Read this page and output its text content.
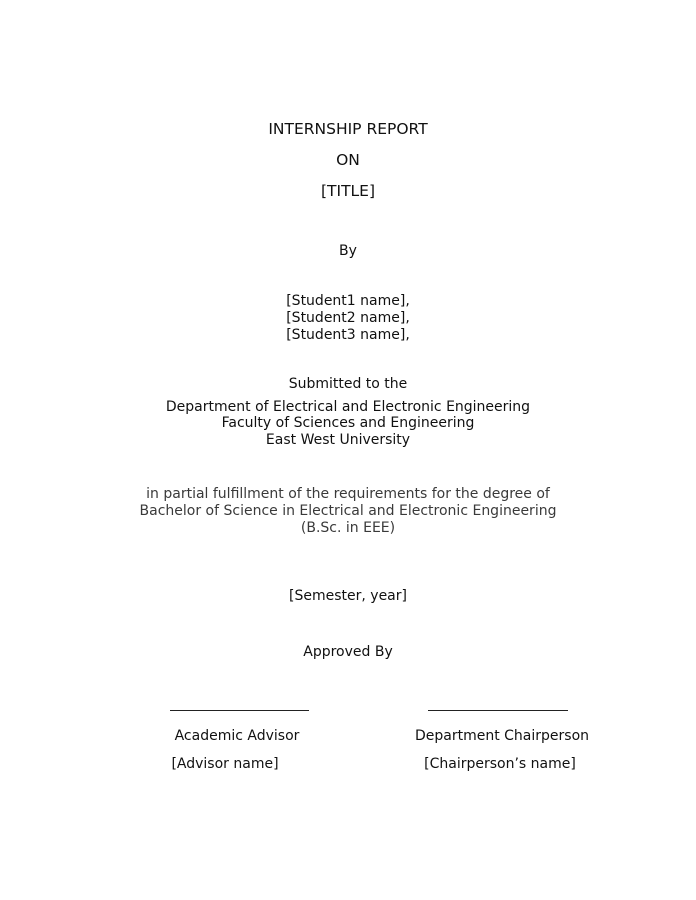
INTERNSHIP REPORT
ON
[TITLE]
By
[Student1 name],
[Student2 name],
[Student3 name],
Submitted to the
Department of Electrical and Electronic Engineering
Faculty of Sciences and Engineering
East West University
in partial fulfillment of the requirements for the degree of
Bachelor of Science in Electrical and Electronic Engineering
(B.Sc. in EEE)
[Semester, year]
Approved By
Academic Advisor
[Advisor name]
Department Chairperson
[Chairperson’s name]
